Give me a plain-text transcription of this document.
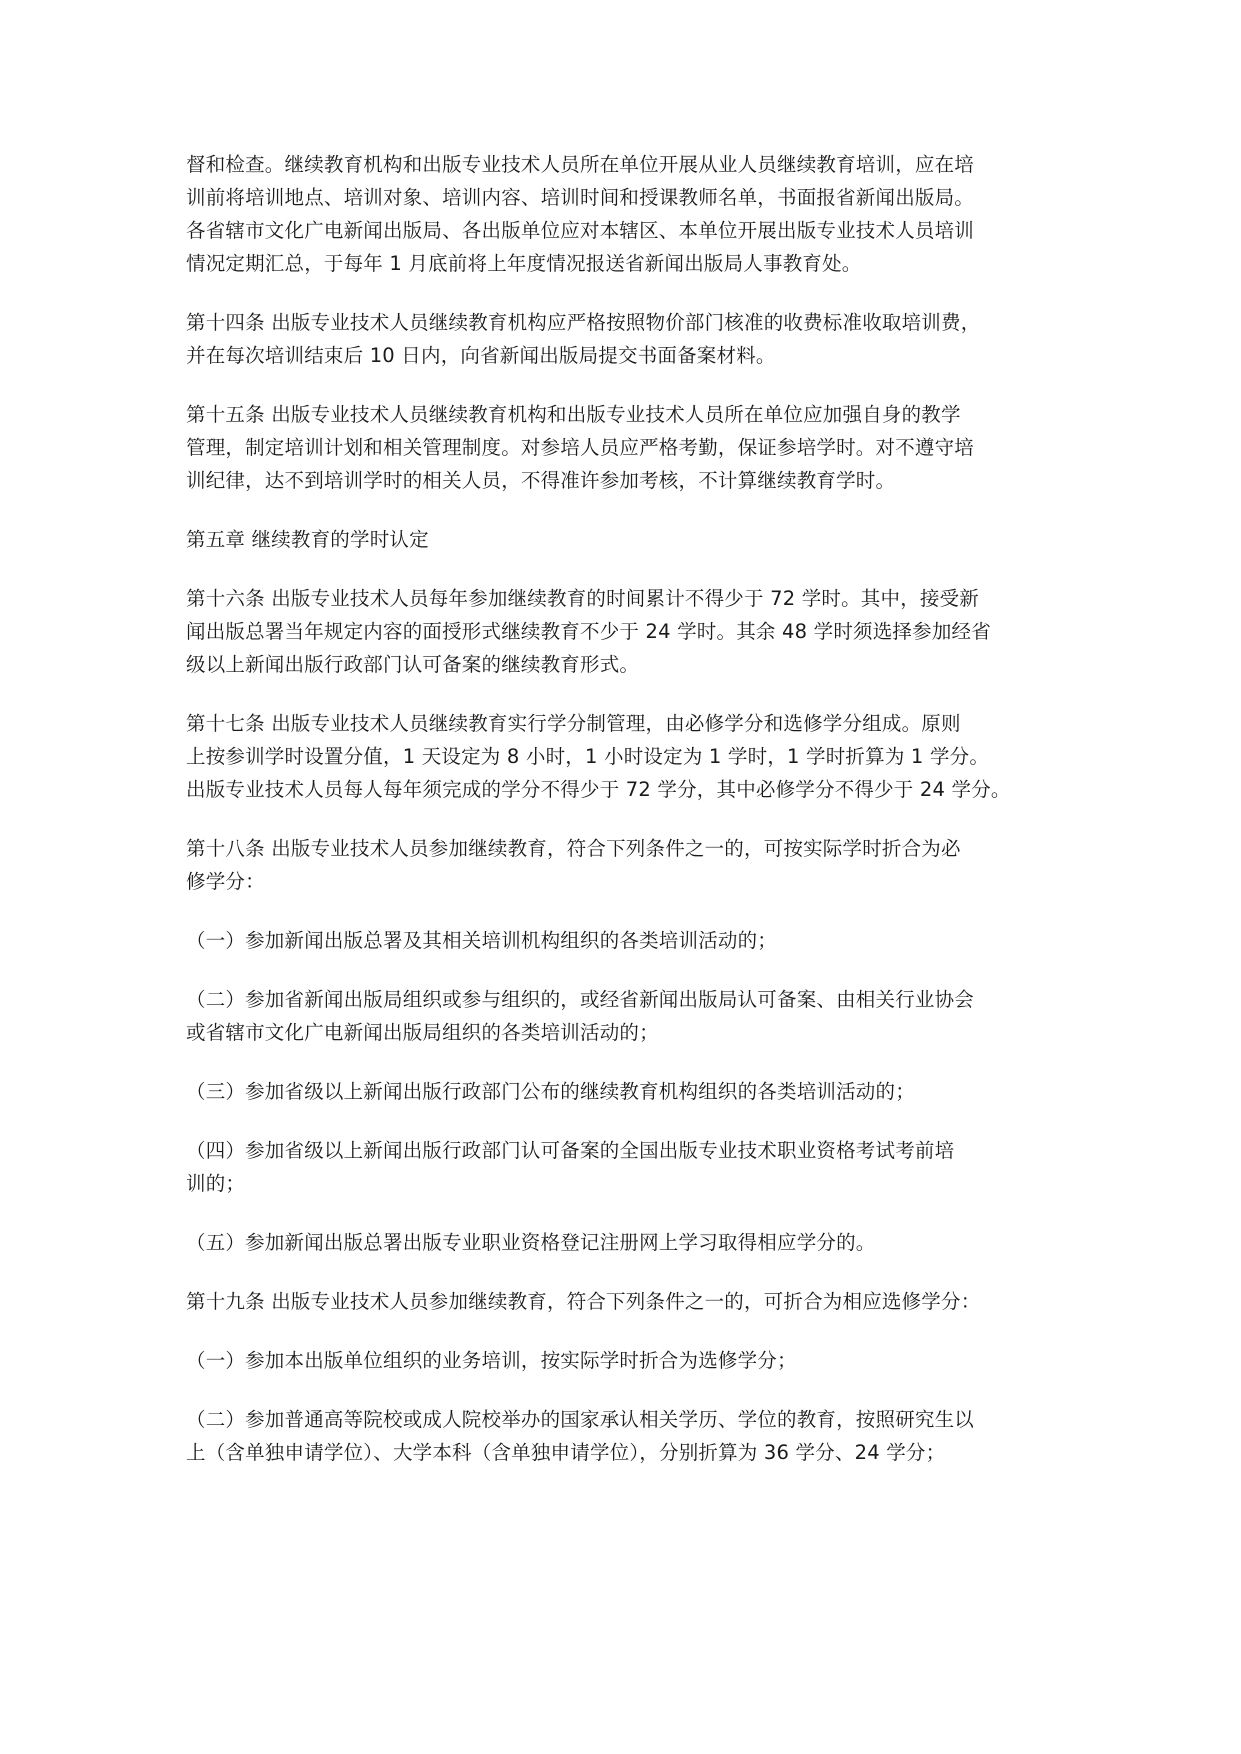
督和检查。继续教育机构和出版专业技术人员所在单位开展从业人员继续教育培训，应在培
训前将培训地点、培训对象、培训内容、培训时间和授课教师名单，书面报省新闻出版局。
各省辖市文化广电新闻出版局、各出版单位应对本辖区、本单位开展出版专业技术人员培训
情况定期汇总，于每年 1 月底前将上年度情况报送省新闻出版局人事教育处。

第十四条 出版专业技术人员继续教育机构应严格按照物价部门核准的收费标准收取培训费，
并在每次培训结束后 10 日内，向省新闻出版局提交书面备案材料。

第十五条 出版专业技术人员继续教育机构和出版专业技术人员所在单位应加强自身的教学
管理，制定培训计划和相关管理制度。对参培人员应严格考勤，保证参培学时。对不遵守培
训纪律，达不到培训学时的相关人员，不得准许参加考核，不计算继续教育学时。

第五章 继续教育的学时认定

第十六条 出版专业技术人员每年参加继续教育的时间累计不得少于 72 学时。其中，接受新
闻出版总署当年规定内容的面授形式继续教育不少于 24 学时。其余 48 学时须选择参加经省
级以上新闻出版行政部门认可备案的继续教育形式。

第十七条 出版专业技术人员继续教育实行学分制管理，由必修学分和选修学分组成。原则
上按参训学时设置分值，1 天设定为 8 小时，1 小时设定为 1 学时，1 学时折算为 1 学分。
出版专业技术人员每人每年须完成的学分不得少于 72 学分，其中必修学分不得少于 24 学分。

第十八条 出版专业技术人员参加继续教育，符合下列条件之一的，可按实际学时折合为必
修学分：

（一）参加新闻出版总署及其相关培训机构组织的各类培训活动的；

（二）参加省新闻出版局组织或参与组织的，或经省新闻出版局认可备案、由相关行业协会
或省辖市文化广电新闻出版局组织的各类培训活动的；

（三）参加省级以上新闻出版行政部门公布的继续教育机构组织的各类培训活动的；

（四）参加省级以上新闻出版行政部门认可备案的全国出版专业技术职业资格考试考前培
训的；

（五）参加新闻出版总署出版专业职业资格登记注册网上学习取得相应学分的。

第十九条 出版专业技术人员参加继续教育，符合下列条件之一的，可折合为相应选修学分：

（一）参加本出版单位组织的业务培训，按实际学时折合为选修学分；

（二）参加普通高等院校或成人院校举办的国家承认相关学历、学位的教育，按照研究生以
上（含单独申请学位）、大学本科（含单独申请学位），分别折算为 36 学分、24 学分；
